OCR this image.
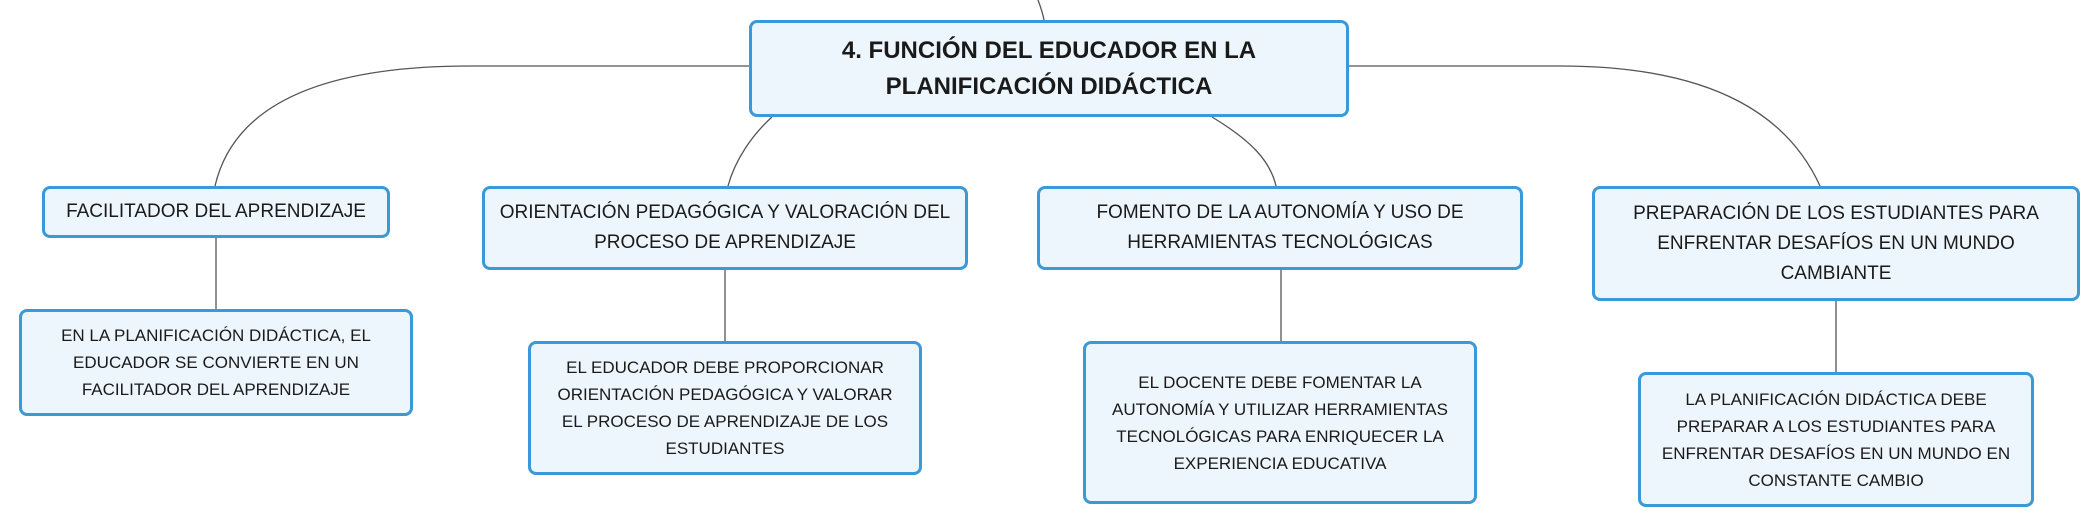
4. FUNCIÓN DEL EDUCADOR EN LA PLANIFICACIÓN DIDÁCTICA
FACILITADOR DEL APRENDIZAJE	ORIENTACIÓN PEDAGÓGICA Y VALORACIÓN DEL PROCESO DE APRENDIZAJE
FOMENTO DE LA AUTONOMÍA Y USO DE HERRAMIENTAS TECNOLÓGICAS
PREPARACIÓN DE LOS ESTUDIANTES PARA ENFRENTAR DESAFÍOS EN UN MUNDO CAMBIANTE
EN LA PLANIFICACIÓN DIDÁCTICA, EL EDUCADOR SE CONVIERTE EN UN FACILITADOR DEL APRENDIZAJE
EL EDUCADOR DEBE PROPORCIONAR ORIENTACIÓN PEDAGÓGICA Y VALORAR EL PROCESO DE APRENDIZAJE DE LOS ESTUDIANTES
EL DOCENTE DEBE FOMENTAR LA AUTONOMÍA Y UTILIZAR HERRAMIENTAS TECNOLÓGICAS PARA ENRIQUECER LA EXPERIENCIA EDUCATIVA
LA PLANIFICACIÓN DIDÁCTICA DEBE PREPARAR A LOS ESTUDIANTES PARA ENFRENTAR DESAFÍOS EN UN MUNDO EN CONSTANTE CAMBIO
